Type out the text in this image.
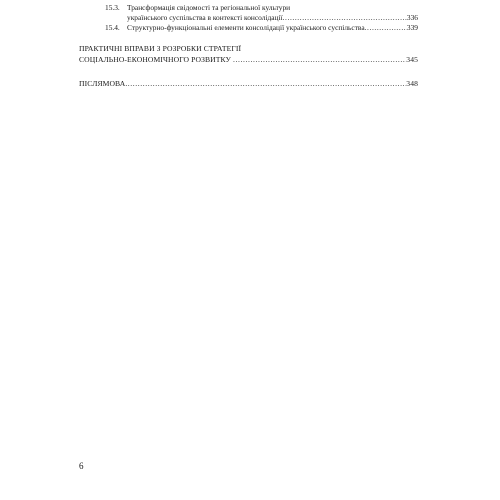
15.3. Трансформація свідомості та регіональної культури
українського суспільства в контексті консолідації .....	336
15.4. Структурно-функціональні елементи консолідації українського суспільства .....	339
ПРАКТИЧНІ ВПРАВИ З РОЗРОБКИ СТРАТЕГІЇ
СОЦІАЛЬНО-ЕКОНОМІЧНОГО РОЗВИТКУ .....	345
ПІСЛЯМОВА .....	348
6
